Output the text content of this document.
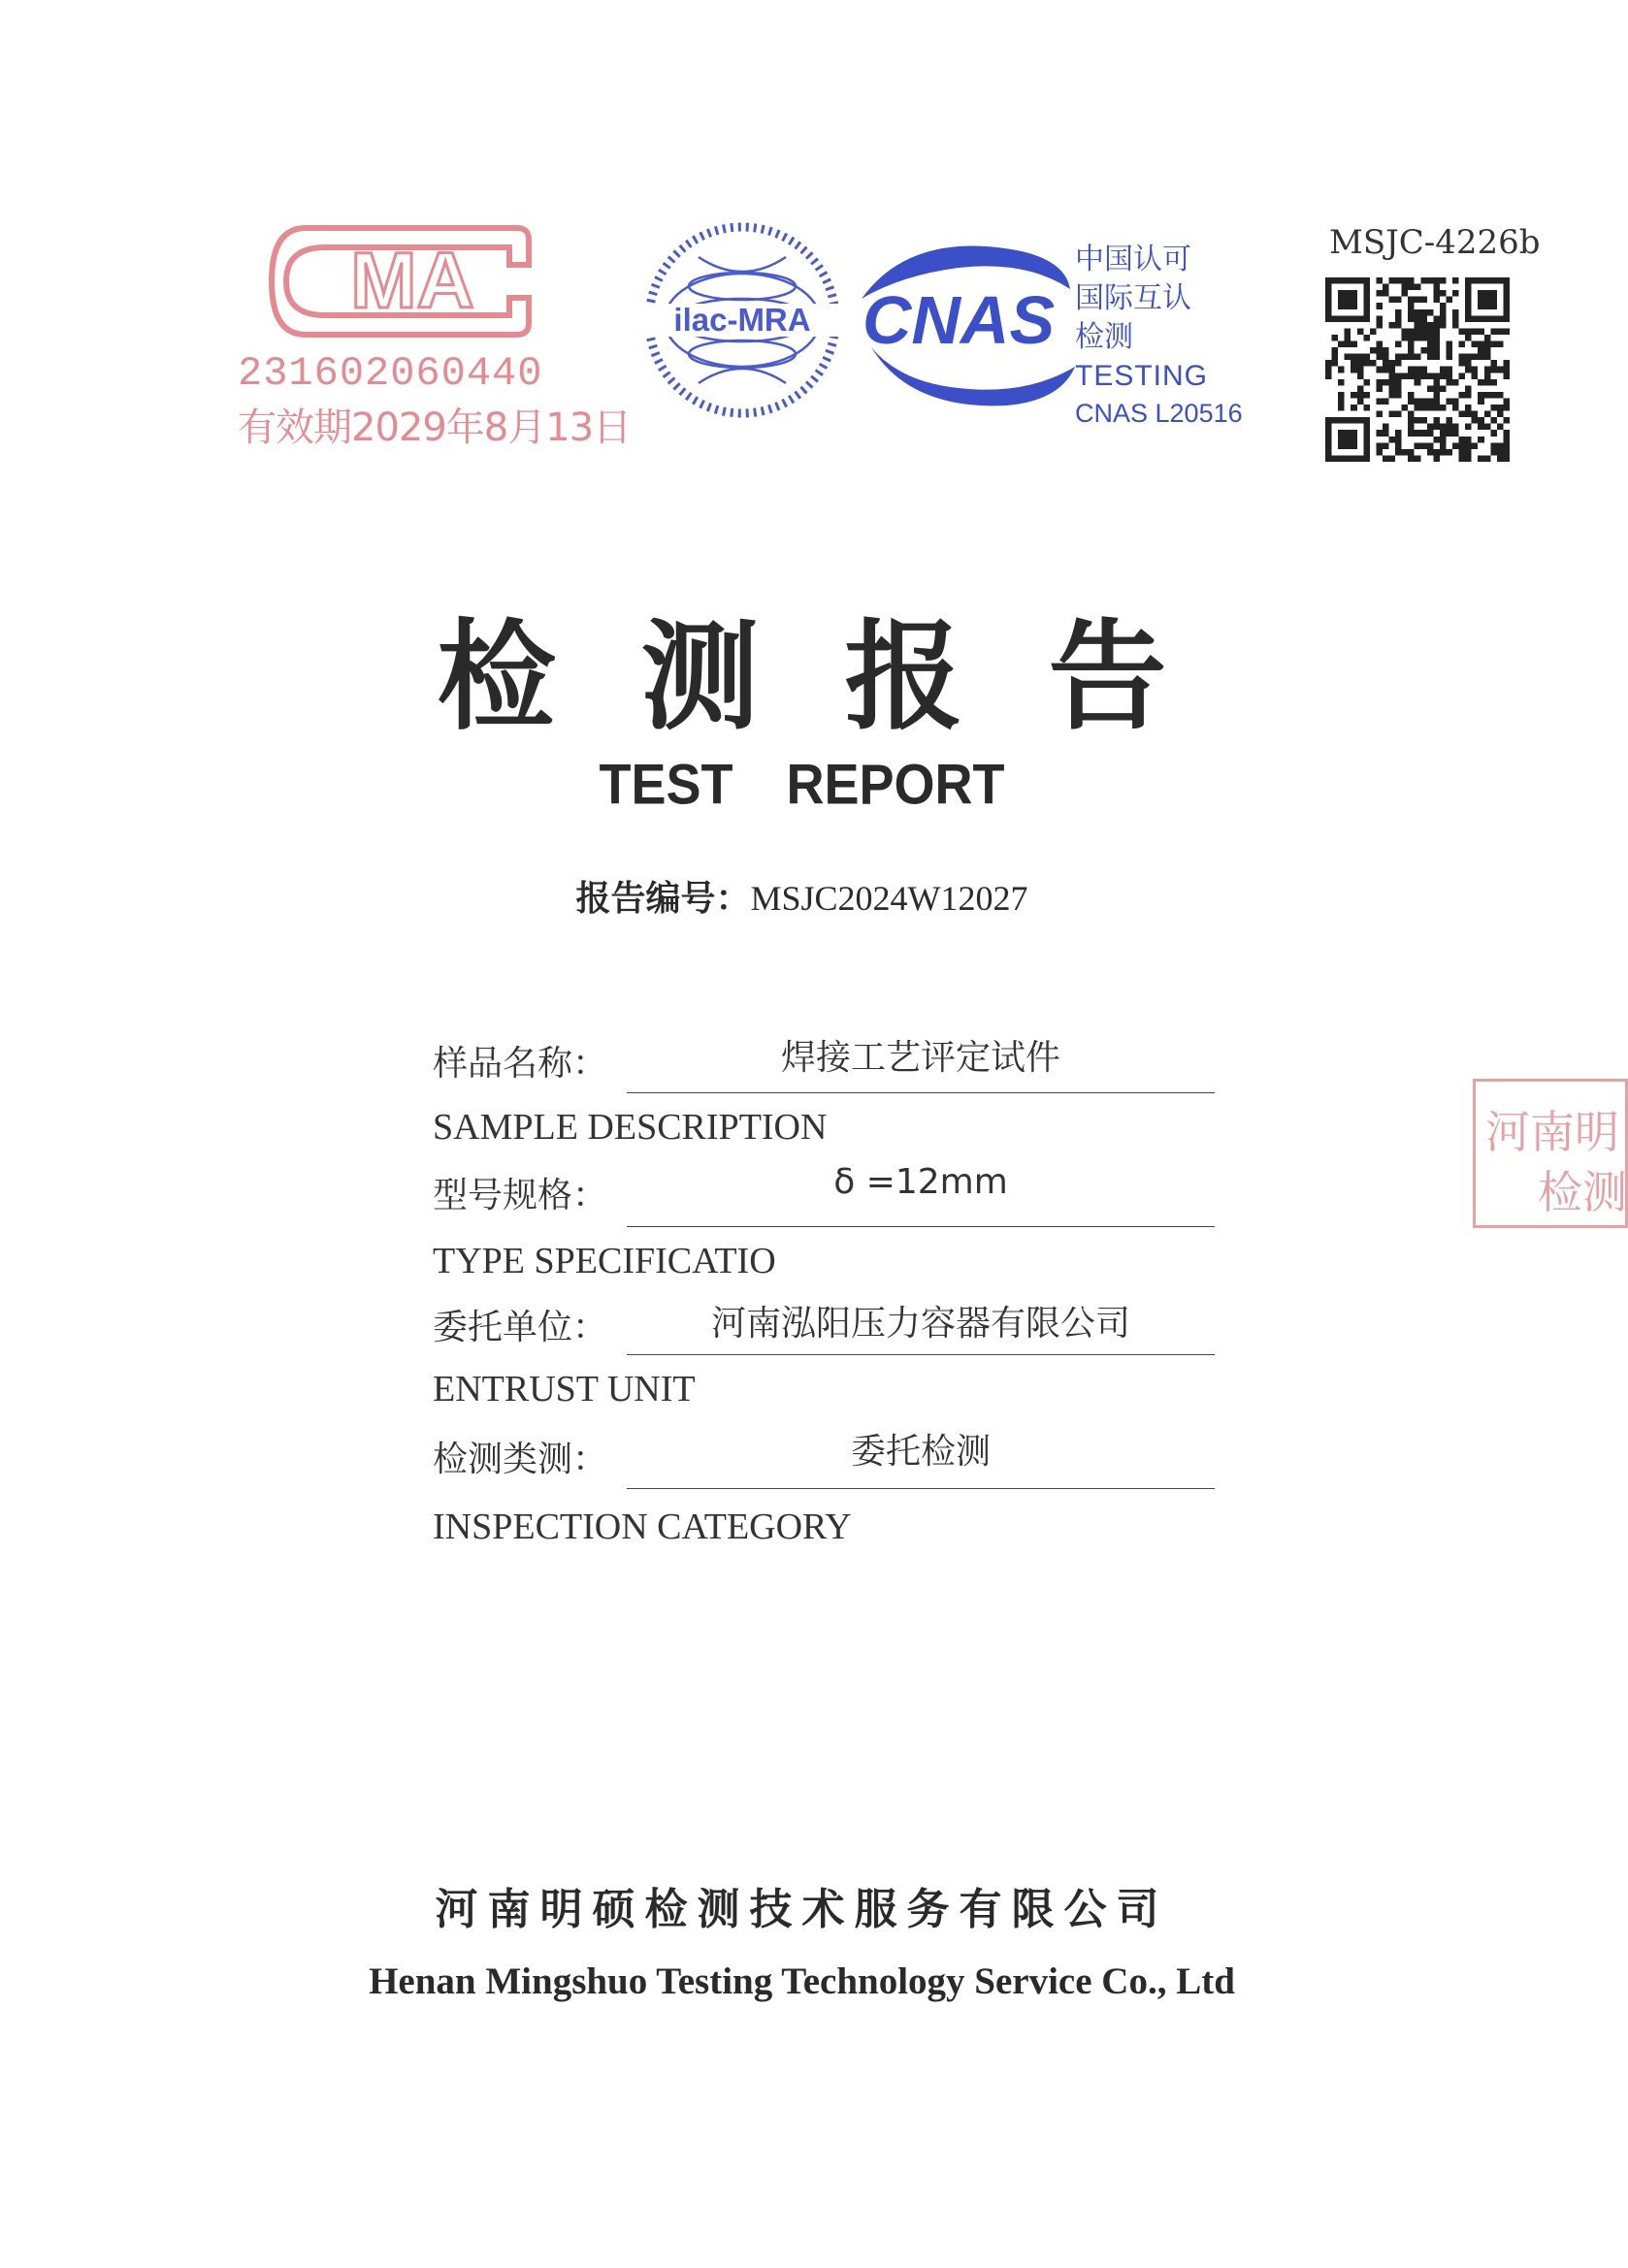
MA
231602060440
有效期2029年8月13日
ilac-MRA CNAS
中国认可
国际互认
检测
TESTING
CNAS L20516
MSJC-4226b
检测报告
TEST REPORT
报告编号：MSJC2024W12027
样品名称：	焊接工艺评定试件
SAMPLE DESCRIPTION
型号规格：	δ =12mm
TYPE SPECIFICATIO
委托单位：	河南泓阳压力容器有限公司
ENTRUST UNIT
检测类测：	委托检测
INSPECTION CATEGORY
河南明
检测
河南明硕检测技术服务有限公司
Henan Mingshuo Testing Technology Service Co., Ltd
